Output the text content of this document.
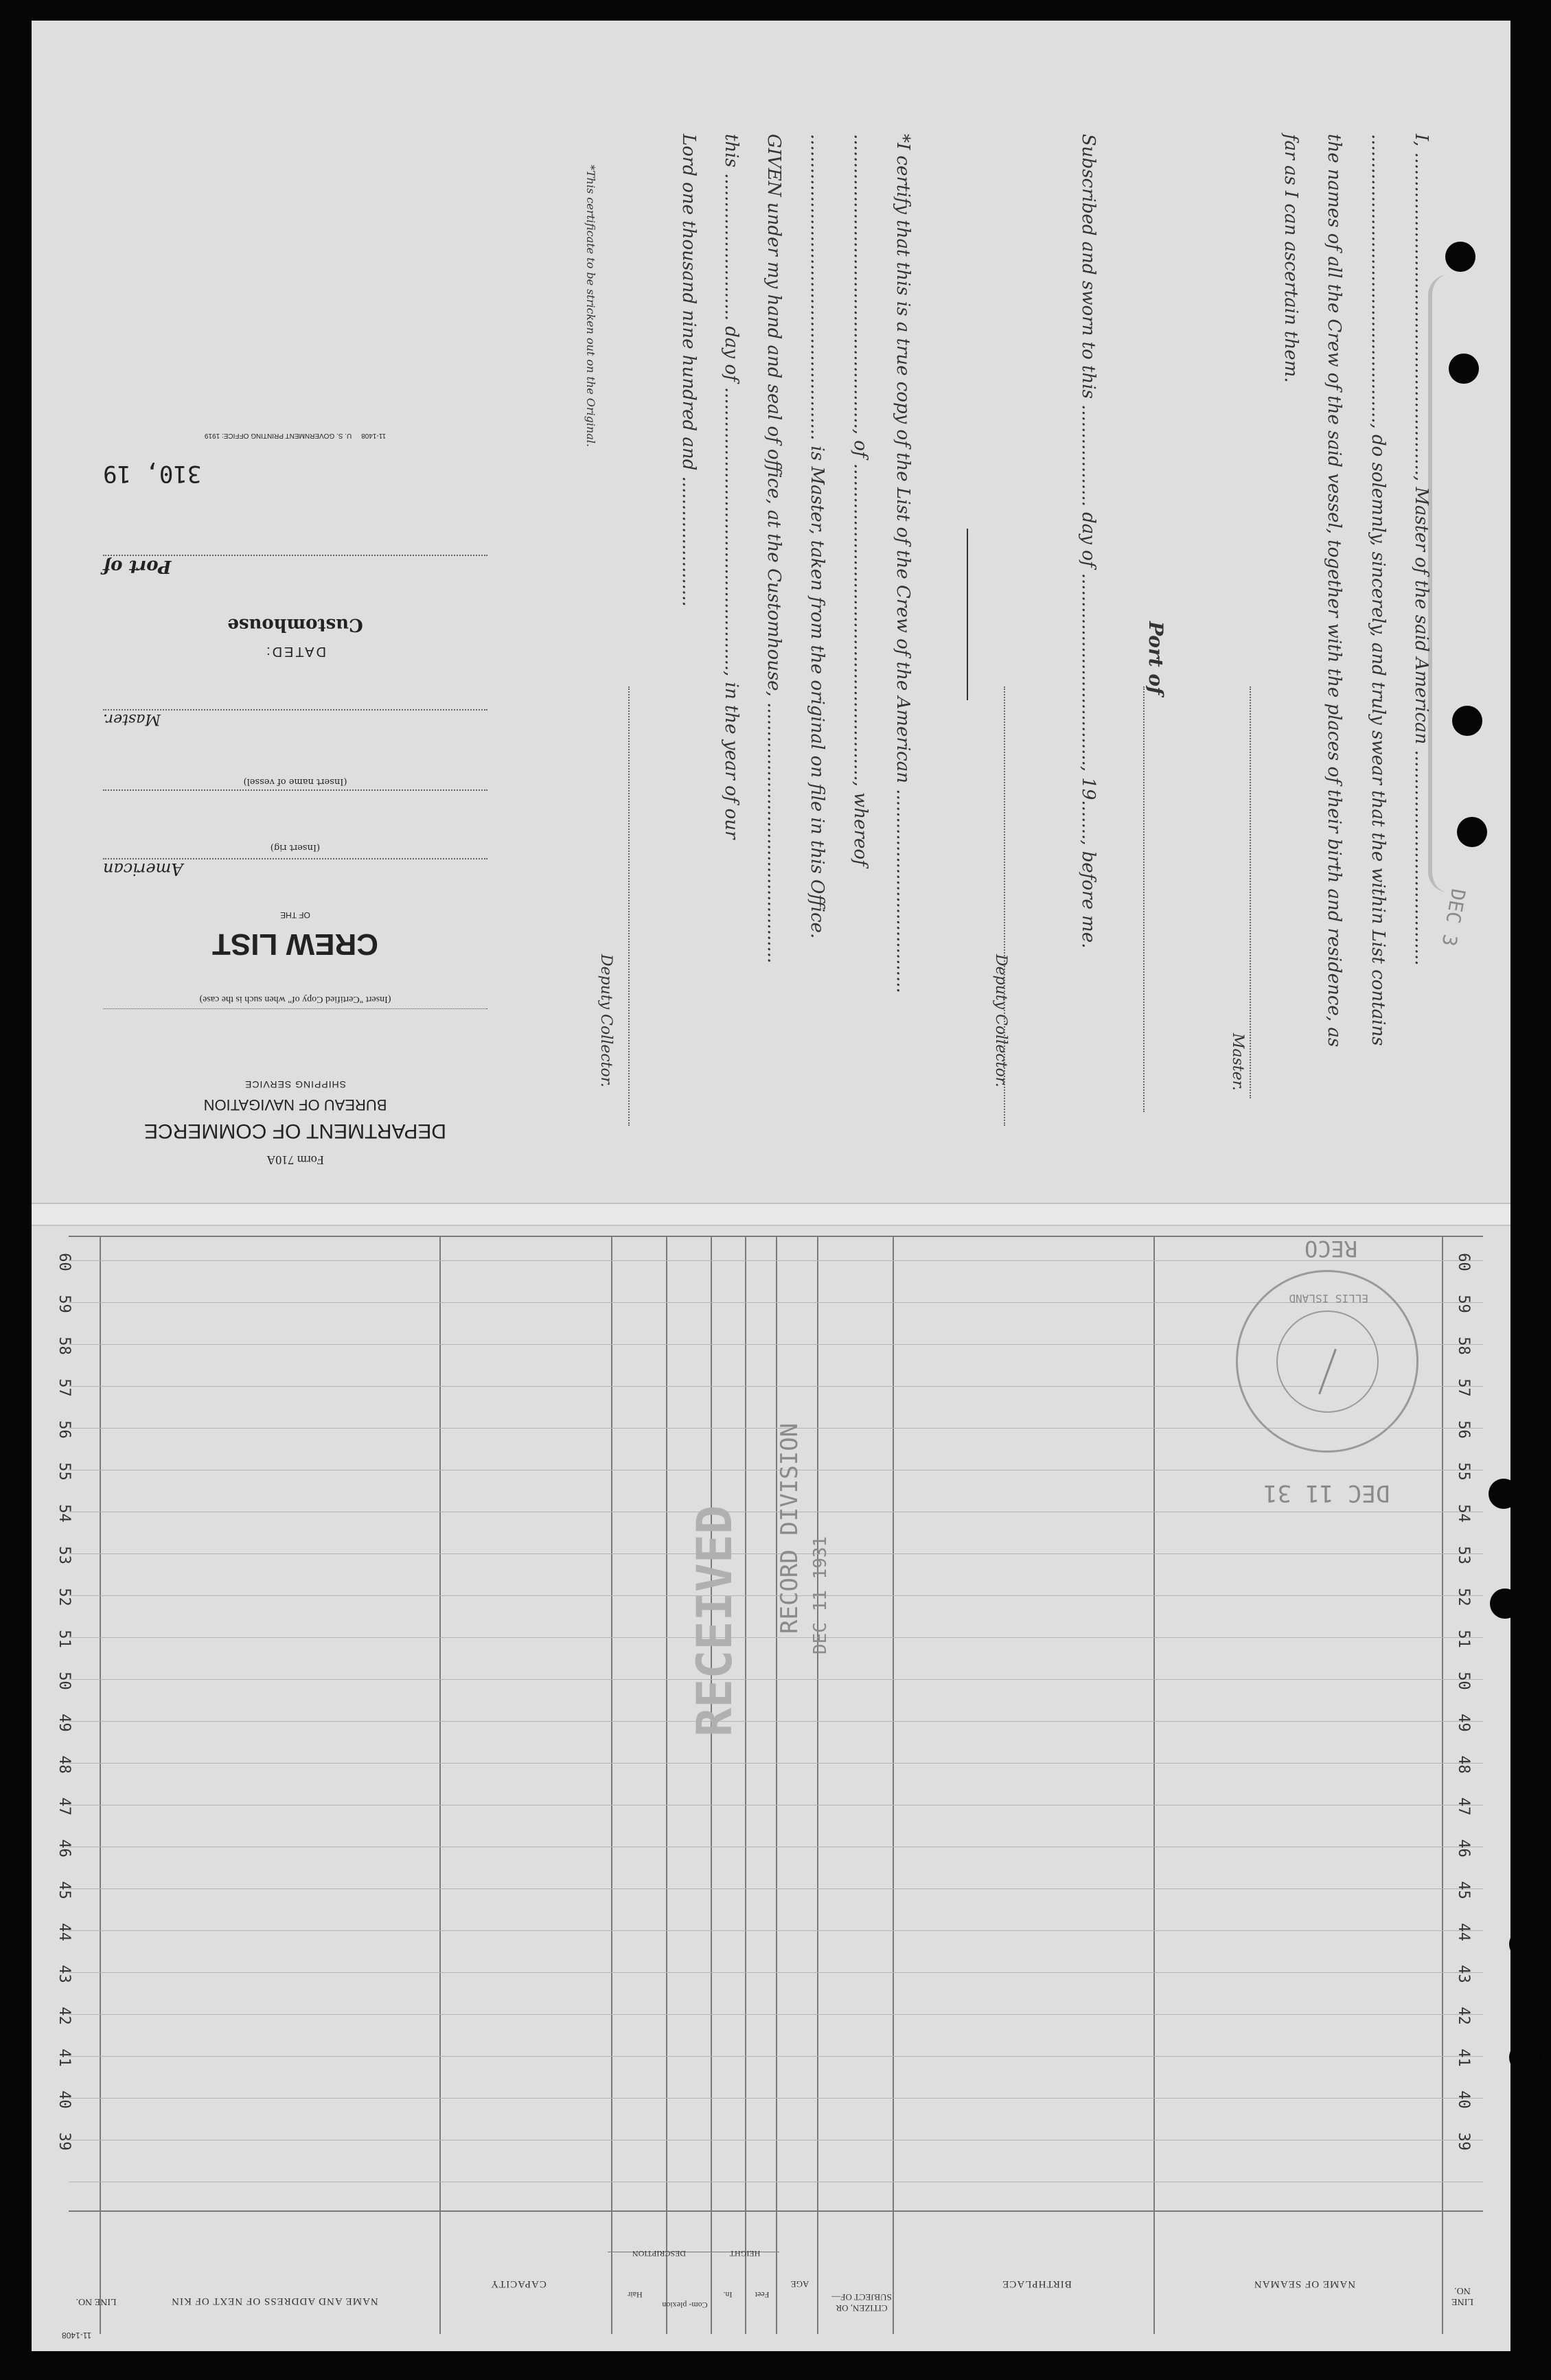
I, ........................................................., Master of the said American ......................................
..................................................., do solemnly, sincerely, and truly swear that the within List contains
the names of all the Crew of the said vessel, together with the places of their birth and residence, as
far as I can ascertain them.
Master.
Port of
Subscribed and sworn to this .................. day of .................................., 19......., before me.
Deputy Collector.
*I certify that this is a true copy of the List of the Crew of the American ....................................
...................................................., of ........................................................, whereof
...................................................... is Master, taken from the original on file in this Office.
GIVEN under my hand and seal of office, at the Customhouse, ..............................................
this .......................... day of .................................................., in the year of our
Lord one thousand nine hundred and .......................
Deputy Collector.
*This certificate to be stricken out on the Original.
Form 710A
DEPARTMENT OF COMMERCE
BUREAU OF NAVIGATION
SHIPPING SERVICE
(Insert "Certified Copy of" when such is the case)
CREW LIST
OF THE
American
(Insert rig)
(Insert name of vessel)
Master.
DATED:
Customhouse
Port of
310, 19
11-1408     U. S. GOVERNMENT PRINTING OFFICE: 1919
DEC 3
60
59
58
57
56
55
54
53
52
51
50
49
48
47
46
45
44
43
42
41
40
39
60
59
58
57
56
55
54
53
52
51
50
49
48
47
46
45
44
43
42
41
40
39
LINE NO.
NAME OF SEAMAN
BIRTHPLACE
CITIZEN, OR SUBJECT OF—
AGE
HEIGHT
Feet
In.
DESCRIPTION
Com- plexion
Hair
CAPACITY
NAME AND ADDRESS OF NEXT OF KIN
LINE NO.
11-1408
RECO
ELLIS ISLAND
DEC 11 31
RECORD DIVISION DEC 11 1931
RECEIVED
